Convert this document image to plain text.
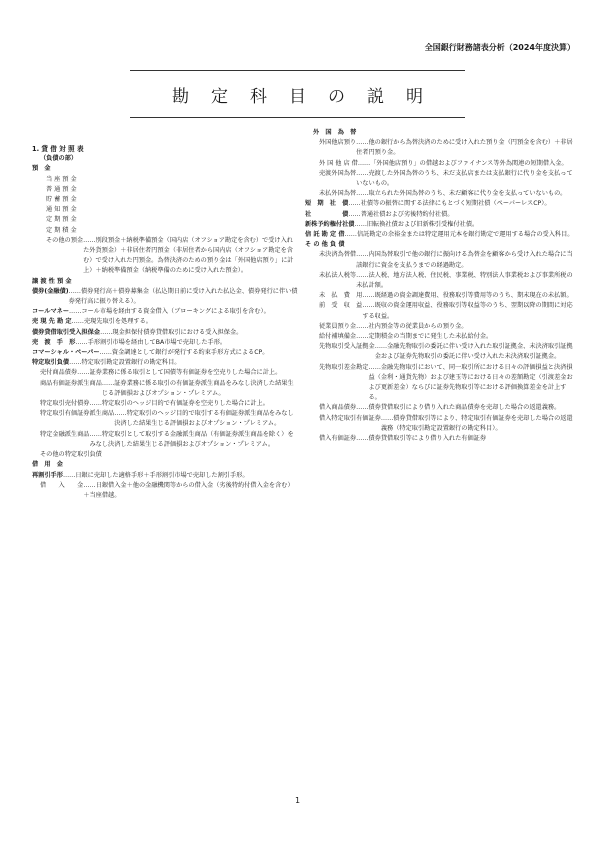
全国銀行財務諸表分析（2024年度決算）
勘定科目の説明
1. 貸 借 対 照 表
（負債の部）
預　金
当 座 預 金
普 通 預 金
貯 蓄 預 金
通 知 預 金
定 期 預 金
定 期 積 金
その他の預金 ……別段預金＋納税準備預金（国内店（オフショア勘定を含む）で受け入れた外貨預金）＋非居住者円預金（非居住者から国内店（オフショア勘定を含む）で受け入れた円預金。為替決済のための預り金は「外国他店預り」に計上）＋納税準備預金（納税準備のために受け入れた預金）。
譲 渡 性 預 金
債券(金融債) ……債券発行高＋債券募集金（払込期日前に受け入れた払込金、債券発行に伴い債券発行高に振り替える）。
コールマネー ……コール市場を経由する資金借入（ブローキングによる取引を含む）。
売 現 先 勘 定 ……売現先取引を処理する。
債券貸借取引受入担保金 ……現金担保付債券貸借取引における受入担保金。
売　渡　手　形 ……手形割引市場を経由してBA市場で売却した手形。
コマーシャル・ペーパー ……資金調達として銀行が発行する約束手形方式によるCP。
特定取引負債 ……特定取引勘定設置銀行の勘定科目。
売付商品債券 ……証券業務に係る取引として国債等有価証券を空売りした場合に計上。
商品有価証券派生商品 ……証券業務に係る取引の有価証券派生商品をみなし決済した結果生じる評価損およびオプション・プレミアム。
特定取引売付債券 ……特定取引のヘッジ目的で有価証券を空売りした場合に計上。
特定取引有価証券派生商品 ……特定取引のヘッジ目的で取引する有価証券派生商品をみなし決済した結果生じる評価損およびオプション・プレミアム。
特定金融派生商品 ……特定取引として取引する金融派生商品（有価証券派生商品を除く）をみなし決済した結果生じる評価損およびオプション・プレミアム。
その他の特定取引負債
借　用　金
再割引手形 ……日銀に売却した適格手形＋手形割引市場で売却した割引手形。
借　　入　　金 ……日銀借入金＋他の金融機関等からの借入金（劣後特約付借入金を含む）＋当座借越。
外　国　為　替
外国他店預り ……他の銀行から為替決済のために受け入れた預り金（円預金を含む）＋非居住者円預り金。
外 国 他 店 借 ……「外国他店預り」の借越およびファイナンス等外為関連の短期借入金。
売渡外国為替 ……売渡した外国為替のうち、未だ支払店または支払銀行に代り金を支払っていないもの。
未払外国為替 ……取立られた外国為替のうち、未だ顧客に代り金を支払っていないもの。
短　期　社　債 ……社債等の振替に関する法律にもとづく短期社債（ペーパーレスCP）。
社　　　　　債 ……普通社債および劣後特約付社債。
新株予約権付社債 ……旧転換社債および旧新株引受権付社債。
信 託 勘 定 借 ……信託勘定の余裕金または特定運用元本を銀行勘定で運用する場合の受入科目。
そ の 他 負 債
未決済為替借 ……内国為替取引で他の銀行に振向ける為替金を顧客から受け入れた場合に当該銀行に資金を支払うまでの経過勘定。
未払法人税等 ……法人税、地方法人税、住民税、事業税、特別法人事業税および事業所税の未払計額。
未　払　費　用 ……既経過の資金調達費用、役務取引等費用等のうち、期末現在の未払額。
前　受　収　益 ……既収の資金運用収益、役務取引等収益等のうち、翌期以降の期間に対応する収益。
従業員預り金 ……社内預金等の従業員からの預り金。
給付補填備金 ……定期積金の当期までに発生した未払給付金。
先物取引受入証拠金 ……金融先物取引の委託に伴い受け入れた取引証拠金、未決済取引証拠金および証券先物取引の委託に伴い受け入れた未決済取引証拠金。
先物取引差金勘定 ……金融先物取引において、同一取引所における日々の評価損益と決済損益（金利・通貨先物）および建玉等における日々の差額勘定（引渡差金および更新差金）ならびに証券先物取引等における評価換算差金を計上する。
借入商品債券 ……債券貸借取引により借り入れた商品債券を売却した場合の返還義務。
借入特定取引有価証券 ……債券貸借取引等により、特定取引有価証券を売却した場合の返還義務（特定取引勘定設置銀行の勘定科目）。
借入有価証券 ……債券貸借取引等により借り入れた有価証券
1
